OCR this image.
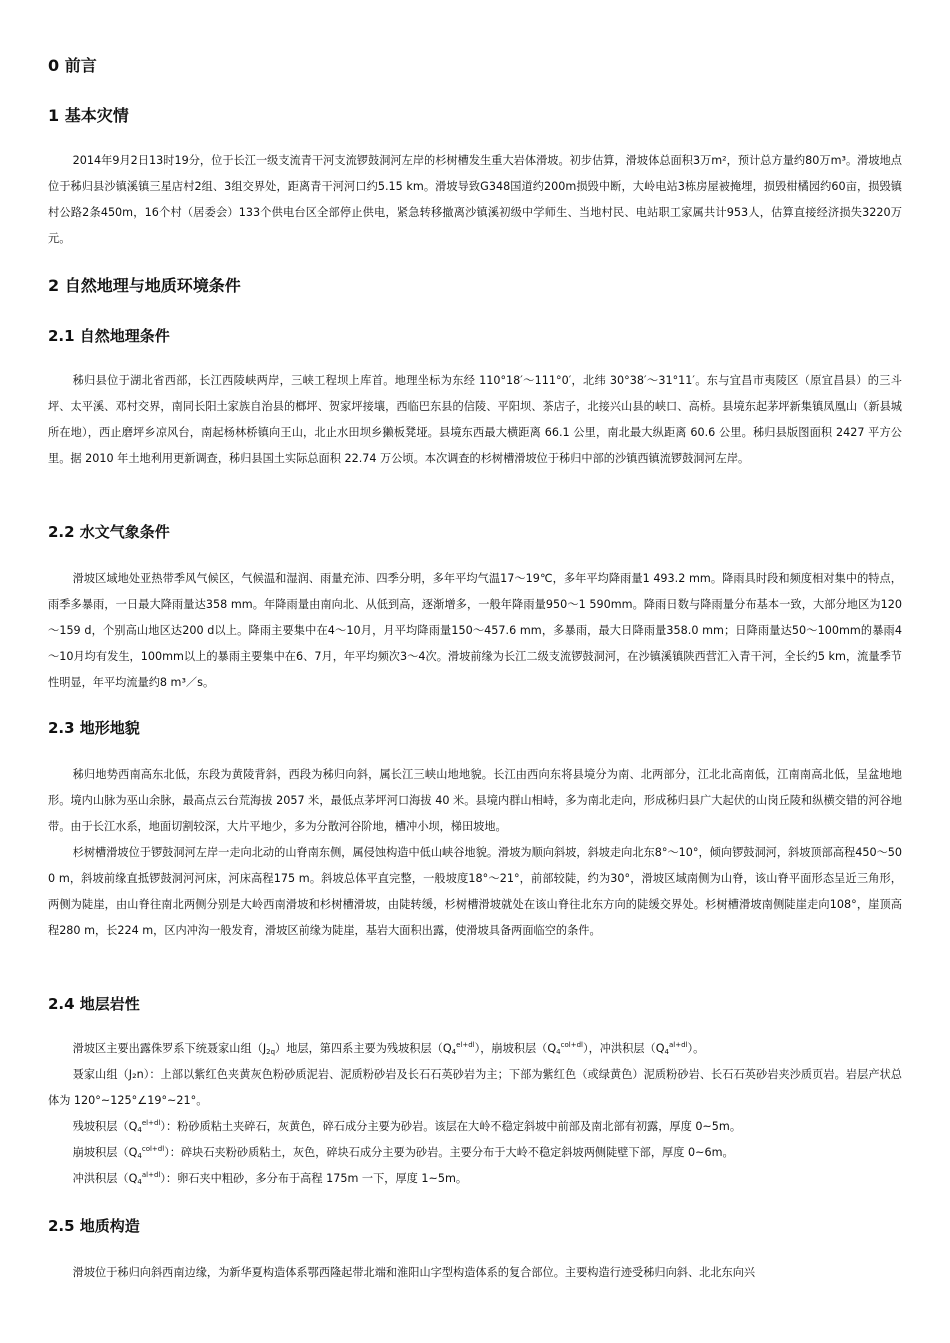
0 前言
1 基本灾情

2014年9月2日13时19分，位于长江一级支流青干河支流锣鼓洞河左岸的杉树槽发生重大岩体滑坡。初步估算，滑坡体总面积3万m²，预计总方量约80万m³。滑坡地点位于秭归县沙镇溪镇三星店村2组、3组交界处，距离青干河河口约5.15 km。滑坡导致G348国道约200m损毁中断，大岭电站3栋房屋被掩埋，损毁柑橘园约60亩，损毁镇村公路2条450m，16个村（居委会）133个供电台区全部停止供电，紧急转移撤离沙镇溪初级中学师生、当地村民、电站职工家属共计953人，估算直接经济损失3220万元。

2 自然地理与地质环境条件
2.1 自然地理条件

秭归县位于湖北省西部，长江西陵峡两岸，三峡工程坝上库首。地理坐标为东经 110°18′～111°0′，北纬 30°38′～31°11′。东与宜昌市夷陵区（原宜昌县）的三斗坪、太平溪、邓村交界，南同长阳土家族自治县的榔坪、贺家坪接壤，西临巴东县的信陵、平阳坝、茶店子，北接兴山县的峡口、高桥。县境东起茅坪新集镇凤凰山（新县城所在地），西止磨坪乡凉风台，南起杨林桥镇向王山，北止水田坝乡獭板凳垭。县境东西最大横距离 66.1 公里，南北最大纵距离 60.6 公里。秭归县版图面积 2427 平方公里。据 2010 年土地利用更新调查，秭归县国土实际总面积 22.74 万公顷。本次调查的杉树槽滑坡位于秭归中部的沙镇西镇流锣鼓洞河左岸。

2.2 水文气象条件

滑坡区域地处亚热带季风气候区，气候温和湿润、雨量充沛、四季分明，多年平均气温17～19℃，多年平均降雨量1 493.2 mm。降雨具时段和频度相对集中的特点，雨季多暴雨，一日最大降雨量达358 mm。年降雨量由南向北、从低到高，逐渐增多，一般年降雨量950～1 590mm。降雨日数与降雨量分布基本一致，大部分地区为120～159 d，个别高山地区达200 d以上。降雨主要集中在4～10月，月平均降雨量150～457.6 mm，多暴雨，最大日降雨量358.0 mm；日降雨量达50～100mm的暴雨4～10月均有发生，100mm以上的暴雨主要集中在6、7月，年平均频次3～4次。滑坡前缘为长江二级支流锣鼓洞河，在沙镇溪镇陕西营汇入青干河，全长约5 km，流量季节性明显，年平均流量约8 m³／s。

2.3 地形地貌

秭归地势西南高东北低，东段为黄陵背斜，西段为秭归向斜，属长江三峡山地地貌。长江由西向东将县境分为南、北两部分，江北北高南低，江南南高北低，呈盆地地形。境内山脉为巫山余脉，最高点云台荒海拔 2057 米，最低点茅坪河口海拔 40 米。县境内群山相峙，多为南北走向，形成秭归县广大起伏的山岗丘陵和纵横交错的河谷地带。由于长江水系，地面切割较深，大片平地少，多为分散河谷阶地，槽冲小坝，梯田坡地。

杉树槽滑坡位于锣鼓洞河左岸一走向北动的山脊南东侧，属侵蚀构造中低山峡谷地貌。滑坡为顺向斜坡，斜坡走向北东8°～10°，倾向锣鼓洞河，斜坡顶部高程450～500 m，斜坡前缘直抵锣鼓洞河河床，河床高程175 m。斜坡总体平直完整，一般坡度18°～21°，前部较陡，约为30°，滑坡区域南侧为山脊，该山脊平面形态呈近三角形，两侧为陡崖，由山脊往南北两侧分别是大岭西南滑坡和杉树槽滑坡，由陡转缓，杉树槽滑坡就处在该山脊往北东方向的陡缓交界处。杉树槽滑坡南侧陡崖走向108°，崖顶高程280 m，长224 m，区内冲沟一般发育，滑坡区前缘为陡崖，基岩大面积出露，使滑坡具备两面临空的条件。

2.4 地层岩性

滑坡区主要出露侏罗系下统聂家山组$(J_{2q})$地层，第四系主要为残坡积层$(Q_4^{el+dl})$，崩坡积层$(Q_4^{col+dl})$，冲洪积层$(Q_4^{al+dl})$。

聂家山组（J₂n）：上部以紫红色夹黄灰色粉砂质泥岩、泥质粉砂岩及长石石英砂岩为主；下部为紫红色（或绿黄色）泥质粉砂岩、长石石英砂岩夹沙质页岩。岩层产状总体为 120°~125°∠19°~21°。

残坡积层$(Q_4^{el+dl})$：粉砂质粘土夹碎石，灰黄色，碎石成分主要为砂岩。该层在大岭不稳定斜坡中前部及南北部有初露，厚度 0~5m。

崩坡积层$(Q_4^{col+dl})$：碎块石夹粉砂质粘土，灰色，碎块石成分主要为砂岩。主要分布于大岭不稳定斜坡两侧陡壁下部，厚度 0~6m。

冲洪积层$(Q_4^{al+dl})$：卵石夹中粗砂，多分布于高程 175m 一下，厚度 1~5m。

2.5 地质构造

滑坡位于秭归向斜西南边缘，为新华夏构造体系鄂西隆起带北端和淮阳山字型构造体系的复合部位。主要构造行迹受秭归向斜、北北东向兴
